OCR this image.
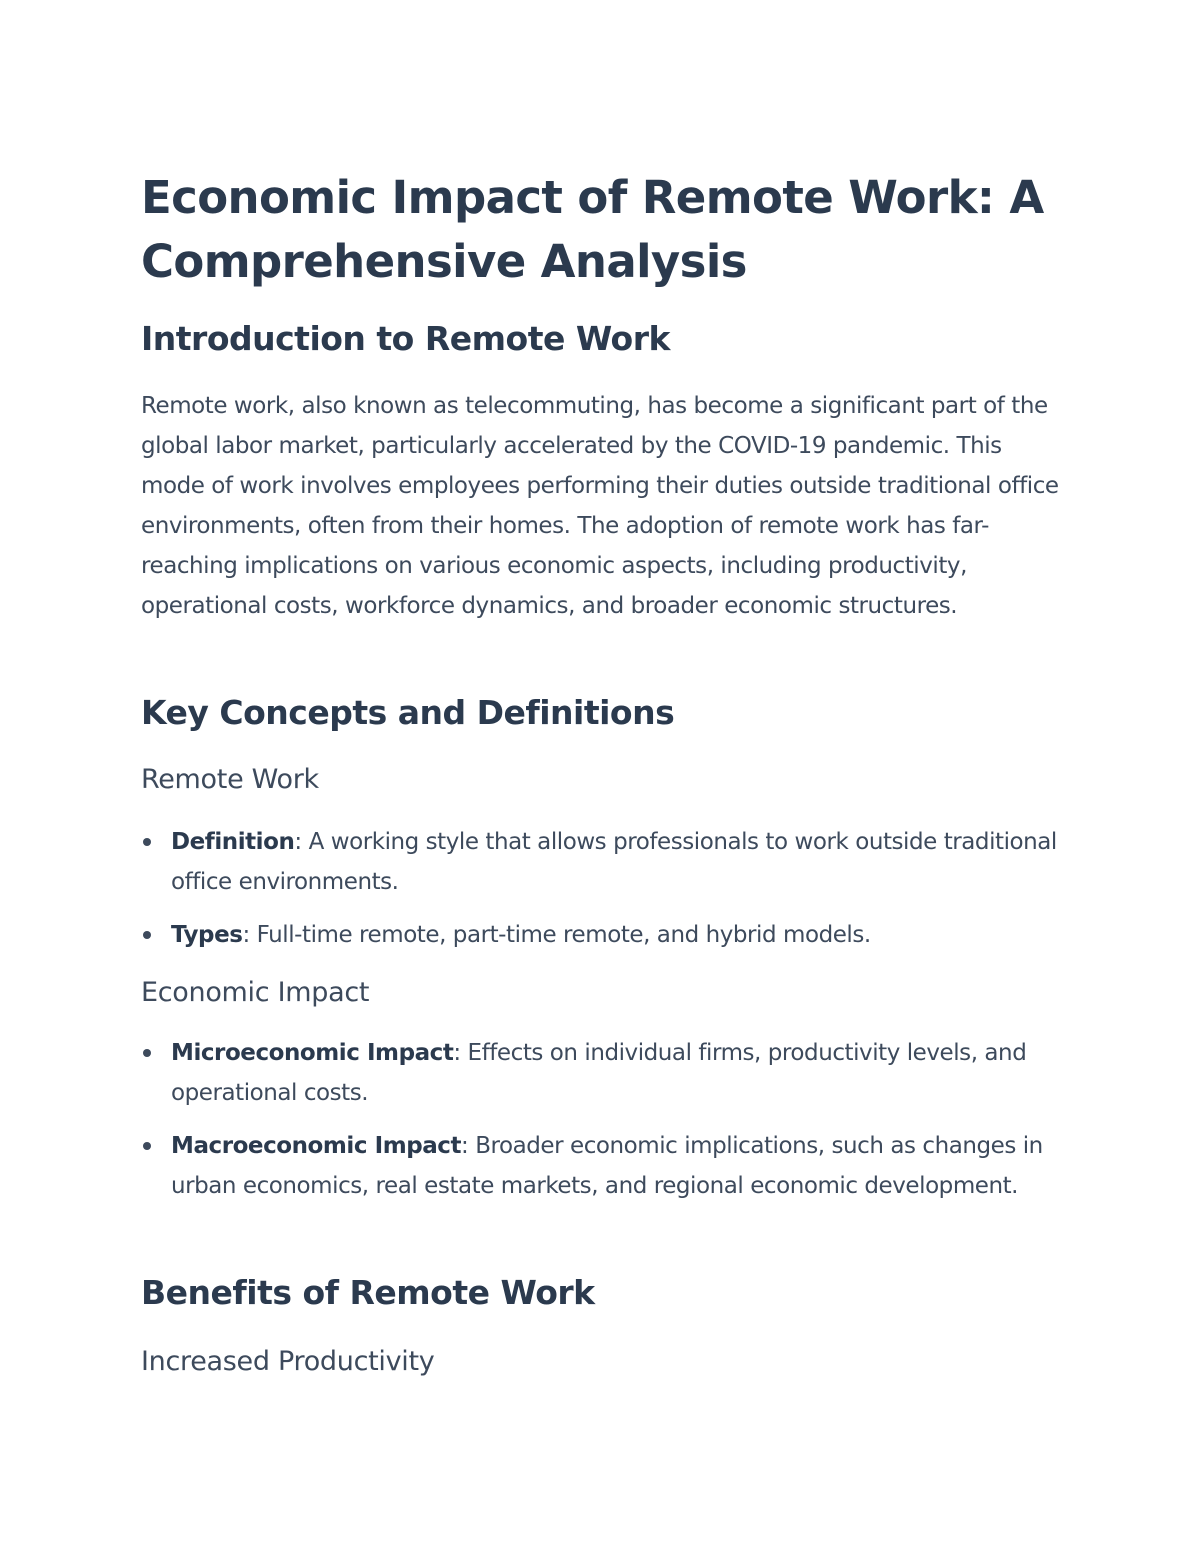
Economic Impact of Remote Work: A Comprehensive Analysis
Introduction to Remote Work

Remote work, also known as telecommuting, has become a significant part of the global labor market, particularly accelerated by the COVID-19 pandemic. This mode of work involves employees performing their duties outside traditional office environments, often from their homes. The adoption of remote work has far-reaching implications on various economic aspects, including productivity, operational costs, workforce dynamics, and broader economic structures.

Key Concepts and Definitions
Remote Work
Definition: A working style that allows professionals to work outside traditional office environments.
Types: Full-time remote, part-time remote, and hybrid models.
Economic Impact
Microeconomic Impact: Effects on individual firms, productivity levels, and operational costs.
Macroeconomic Impact: Broader economic implications, such as changes in urban economics, real estate markets, and regional economic development.
Benefits of Remote Work
Increased Productivity
